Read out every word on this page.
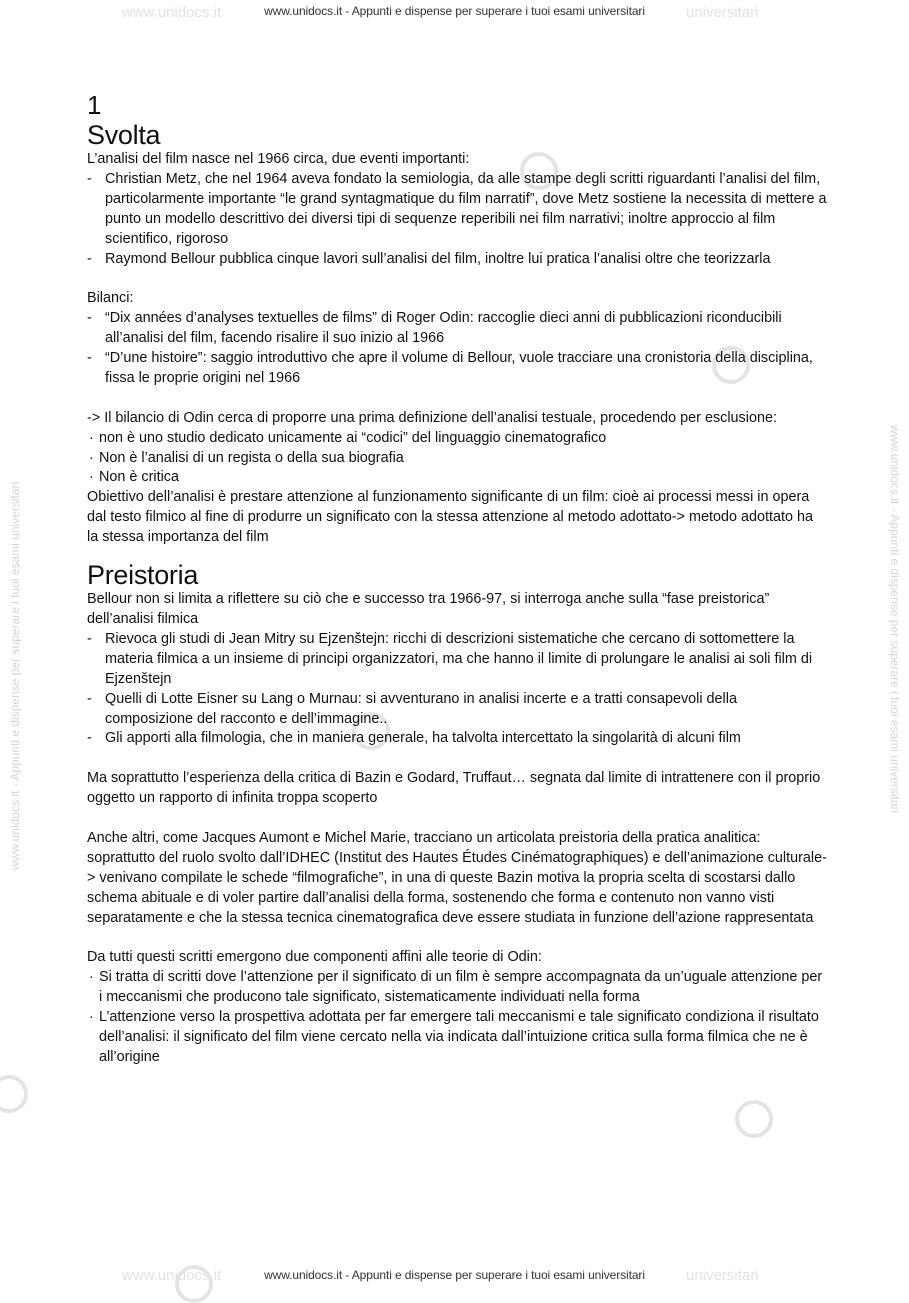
www.unidocs.it	universitari
www.unidocs.it - Appunti e dispense per superare i tuoi esami universitari
www.unidocs.it	universitari
www.unidocs.it - Appunti e dispense per superare i tuoi esami universitari
www.unidocs.it - Appunti e dispense per superare i tuoi esami universitari	www.unidocs.it - Appunti e dispense per superare i tuoi esami universitari
1
Svolta

L’analisi del film nasce nel 1966 circa, due eventi importanti:

- Christian Metz, che nel 1964 aveva fondato la semiologia, da alle stampe degli scritti riguardanti l’analisi del film, particolarmente importante “le grand syntagmatique du film narratif”, dove Metz sostiene la necessita di mettere a punto un modello descrittivo dei diversi tipi di sequenze reperibili nei film narrativi; inoltre approccio al film scientifico, rigoroso
- Raymond Bellour pubblica cinque lavori sull’analisi del film, inoltre lui pratica l’analisi oltre che teorizzarla

Bilanci:

- “Dix années d’analyses textuelles de films” di Roger Odin: raccoglie dieci anni di pubblicazioni riconducibili all’analisi del film, facendo risalire il suo inizio al 1966
- “D’une histoire”: saggio introduttivo che apre il volume di Bellour, vuole tracciare una cronistoria della disciplina, fissa le proprie origini nel 1966

-> Il bilancio di Odin cerca di proporre una prima definizione dell’analisi testuale, procedendo per esclusione:

· non è uno studio dedicato unicamente ai “codici” del linguaggio cinematografico
· Non è l’analisi di un regista o della sua biografia
· Non è critica

Obiettivo dell’analisi è prestare attenzione al funzionamento significante di un film: cioè ai processi messi in opera dal testo filmico al fine di produrre un significato con la stessa attenzione al metodo adottato-> metodo adottato ha la stessa importanza del film

Preistoria

Bellour non si limita a riflettere su ciò che e successo tra 1966-97, si interroga anche sulla “fase preistorica” dell’analisi filmica

- Rievoca gli studi di Jean Mitry su Ejzenštejn: ricchi di descrizioni sistematiche che cercano di sottomettere la materia filmica a un insieme di principi organizzatori, ma che hanno il limite di prolungare le analisi ai soli film di Ejzenštejn
- Quelli di Lotte Eisner su Lang o Murnau: si avventurano in analisi incerte e a tratti consapevoli della composizione del racconto e dell’immagine..
- Gli apporti alla filmologia, che in maniera generale, ha talvolta intercettato la singolarità di alcuni film

Ma soprattutto l’esperienza della critica di Bazin e Godard, Truffaut… segnata dal limite di intrattenere con il proprio oggetto un rapporto di infinita troppa scoperto

Anche altri, come Jacques Aumont e Michel Marie, tracciano un articolata preistoria della pratica analitica: soprattutto del ruolo svolto dall’IDHEC (Institut des Hautes Études Cinématographiques) e dell’animazione culturale-> venivano compilate le schede “filmografiche”, in una di queste Bazin motiva la propria scelta di scostarsi dallo schema abituale e di voler partire dall’analisi della forma, sostenendo che forma e contenuto non vanno visti separatamente e che la stessa tecnica cinematografica deve essere studiata in funzione dell’azione rappresentata

Da tutti questi scritti emergono due componenti affini alle teorie di Odin:

· Si tratta di scritti dove l’attenzione per il significato di un film è sempre accompagnata da un’uguale attenzione per i meccanismi che producono tale significato, sistematicamente individuati nella forma
· L’attenzione verso la prospettiva adottata per far emergere tali meccanismi e tale significato condiziona il risultato dell’analisi: il significato del film viene cercato nella via indicata dall’intuizione critica sulla forma filmica che ne è all’origine
